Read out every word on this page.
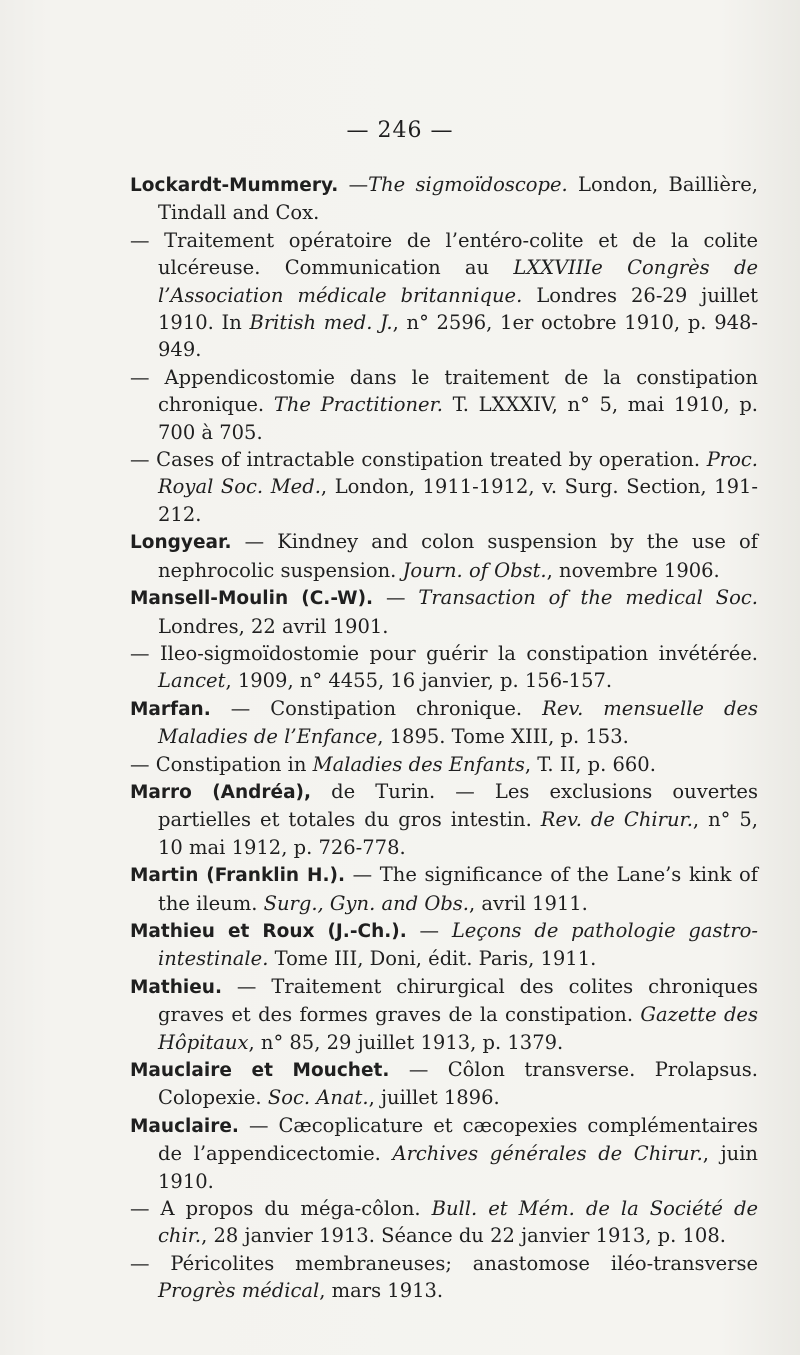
— 246 —

Lockardt-Mummery. —The sigmoïdoscope. London, Baillière, Tindall and Cox.

— Traitement opératoire de l’entéro-colite et de la colite ulcéreuse. Communication au LXXVIIIe Congrès de l’Association médicale britannique. Londres 26-29 juillet 1910. In British med. J., n° 2596, 1er octobre 1910, p. 948-949.

— Appendicostomie dans le traitement de la constipation chronique. The Practitioner. T. LXXXIV, n° 5, mai 1910, p. 700 à 705.

— Cases of intractable constipation treated by operation. Proc. Royal Soc. Med., London, 1911-1912, v. Surg. Section, 191-212.

Longyear. — Kindney and colon suspension by the use of nephrocolic suspension. Journ. of Obst., novembre 1906.

Mansell-Moulin (C.-W). — Transaction of the medical Soc. Londres, 22 avril 1901.

— Ileo-sigmoïdostomie pour guérir la constipation invétérée. Lancet, 1909, n° 4455, 16 janvier, p. 156-157.

Marfan. — Constipation chronique. Rev. mensuelle des Maladies de l’Enfance, 1895. Tome XIII, p. 153.

— Constipation in Maladies des Enfants, T. II, p. 660.

Marro (Andréa), de Turin. — Les exclusions ouvertes partielles et totales du gros intestin. Rev. de Chirur., n° 5, 10 mai 1912, p. 726-778.

Martin (Franklin H.). — The significance of the Lane’s kink of the ileum. Surg., Gyn. and Obs., avril 1911.

Mathieu et Roux (J.-Ch.). — Leçons de pathologie gastro-intestinale. Tome III, Doni, édit. Paris, 1911.

Mathieu. — Traitement chirurgical des colites chroniques graves et des formes graves de la constipation. Gazette des Hôpitaux, n° 85, 29 juillet 1913, p. 1379.

Mauclaire et Mouchet. — Côlon transverse. Prolapsus. Colopexie. Soc. Anat., juillet 1896.

Mauclaire. — Cæcoplicature et cæcopexies complémentaires de l’appendicectomie. Archives générales de Chirur., juin 1910.

— A propos du méga-côlon. Bull. et Mém. de la Société de chir., 28 janvier 1913. Séance du 22 janvier 1913, p. 108.

— Péricolites membraneuses; anastomose iléo-transverse Progrès médical, mars 1913.
